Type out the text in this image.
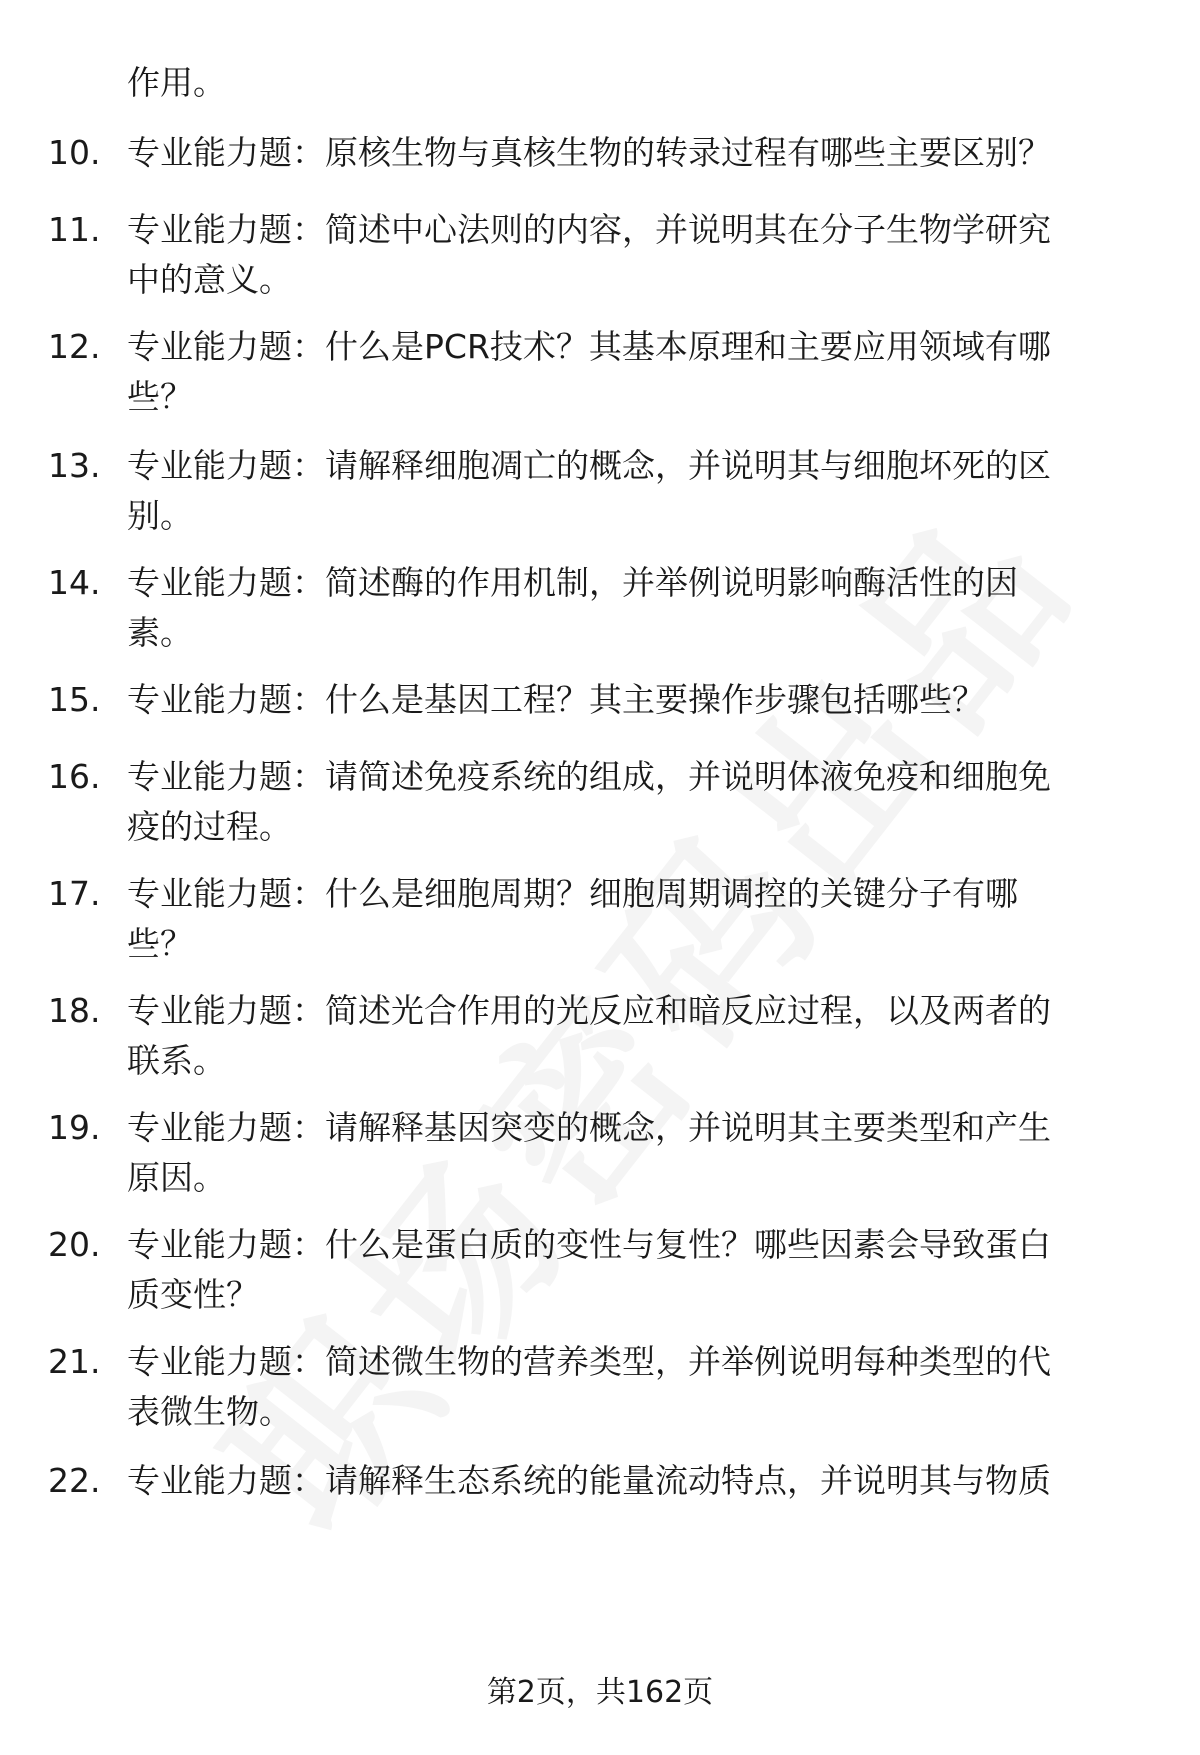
作用。
10. 专业能力题：原核生物与真核生物的转录过程有哪些主要区别？
11. 专业能力题：简述中心法则的内容，并说明其在分子生物学研究
中的意义。
12. 专业能力题：什么是PCR技术？其基本原理和主要应用领域有哪
些？
13. 专业能力题：请解释细胞凋亡的概念，并说明其与细胞坏死的区
别。
14. 专业能力题：简述酶的作用机制，并举例说明影响酶活性的因
素。
15. 专业能力题：什么是基因工程？其主要操作步骤包括哪些？
16. 专业能力题：请简述免疫系统的组成，并说明体液免疫和细胞免
疫的过程。
17. 专业能力题：什么是细胞周期？细胞周期调控的关键分子有哪
些？
18. 专业能力题：简述光合作用的光反应和暗反应过程，以及两者的
联系。
19. 专业能力题：请解释基因突变的概念，并说明其主要类型和产生
原因。
20. 专业能力题：什么是蛋白质的变性与复性？哪些因素会导致蛋白
质变性？
21. 专业能力题：简述微生物的营养类型，并举例说明每种类型的代
表微生物。
22. 专业能力题：请解释生态系统的能量流动特点，并说明其与物质
第2页，共162页
